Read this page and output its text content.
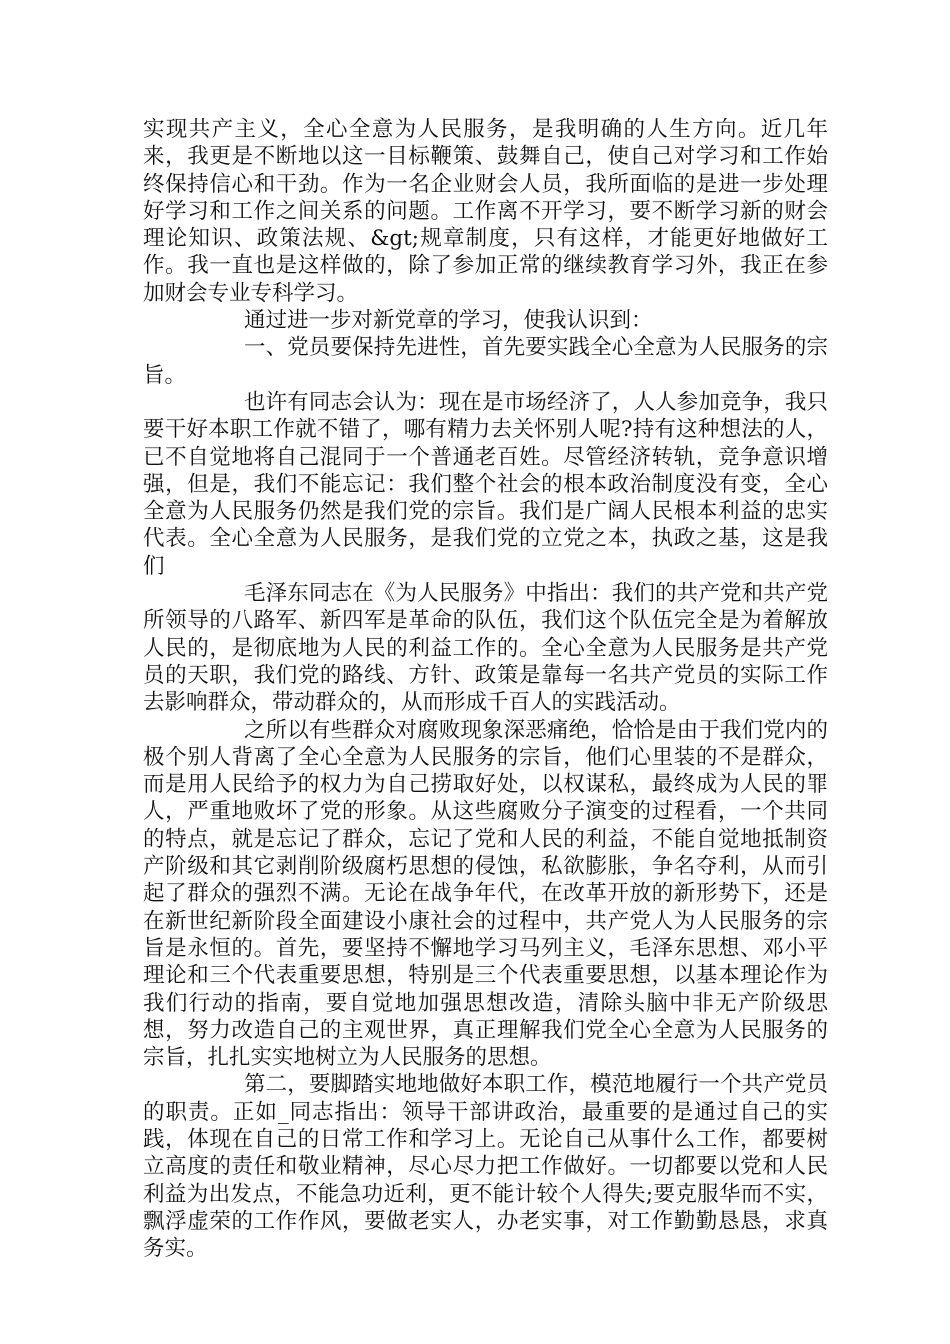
实现共产主义，全心全意为人民服务，是我明确的人生方向。近几年来，我更是不断地以这一目标鞭策、鼓舞自己，使自己对学习和工作始终保持信心和干劲。作为一名企业财会人员，我所面临的是进一步处理好学习和工作之间关系的问题。工作离不开学习，要不断学习新的财会理论知识、政策法规、&gt;规章制度，只有这样，才能更好地做好工作。我一直也是这样做的，除了参加正常的继续教育学习外，我正在参加财会专业专科学习。

通过进一步对新党章的学习，使我认识到：

一、党员要保持先进性，首先要实践全心全意为人民服务的宗旨。

也许有同志会认为：现在是市场经济了，人人参加竞争，我只要干好本职工作就不错了，哪有精力去关怀别人呢?持有这种想法的人，已不自觉地将自己混同于一个普通老百姓。尽管经济转轨，竞争意识增强，但是，我们不能忘记：我们整个社会的根本政治制度没有变，全心全意为人民服务仍然是我们党的宗旨。我们是广阔人民根本利益的忠实代表。全心全意为人民服务，是我们党的立党之本，执政之基，这是我们

毛泽东同志在《为人民服务》中指出：我们的共产党和共产党所领导的八路军、新四军是革命的队伍，我们这个队伍完全是为着解放人民的，是彻底地为人民的利益工作的。全心全意为人民服务是共产党员的天职，我们党的路线、方针、政策是靠每一名共产党员的实际工作去影响群众，带动群众的，从而形成千百人的实践活动。

之所以有些群众对腐败现象深恶痛绝，恰恰是由于我们党内的极个别人背离了全心全意为人民服务的宗旨，他们心里装的不是群众，而是用人民给予的权力为自己捞取好处，以权谋私，最终成为人民的罪人，严重地败坏了党的形象。从这些腐败分子演变的过程看，一个共同的特点，就是忘记了群众，忘记了党和人民的利益，不能自觉地抵制资产阶级和其它剥削阶级腐朽思想的侵蚀，私欲膨胀，争名夺利，从而引起了群众的强烈不满。无论在战争年代，在改革开放的新形势下，还是在新世纪新阶段全面建设小康社会的过程中，共产党人为人民服务的宗旨是永恒的。首先，要坚持不懈地学习马列主义，毛泽东思想、邓小平理论和三个代表重要思想，特别是三个代表重要思想，以基本理论作为我们行动的指南，要自觉地加强思想改造，清除头脑中非无产阶级思想，努力改造自己的主观世界，真正理解我们党全心全意为人民服务的宗旨，扎扎实实地树立为人民服务的思想。

第二，要脚踏实地地做好本职工作，模范地履行一个共产党员的职责。正如_同志指出：领导干部讲政治，最重要的是通过自己的实践，体现在自己的日常工作和学习上。无论自己从事什么工作，都要树立高度的责任和敬业精神，尽心尽力把工作做好。一切都要以党和人民利益为出发点，不能急功近利，更不能计较个人得失;要克服华而不实，飘浮虚荣的工作作风，要做老实人，办老实事，对工作勤勤恳恳，求真务实。
